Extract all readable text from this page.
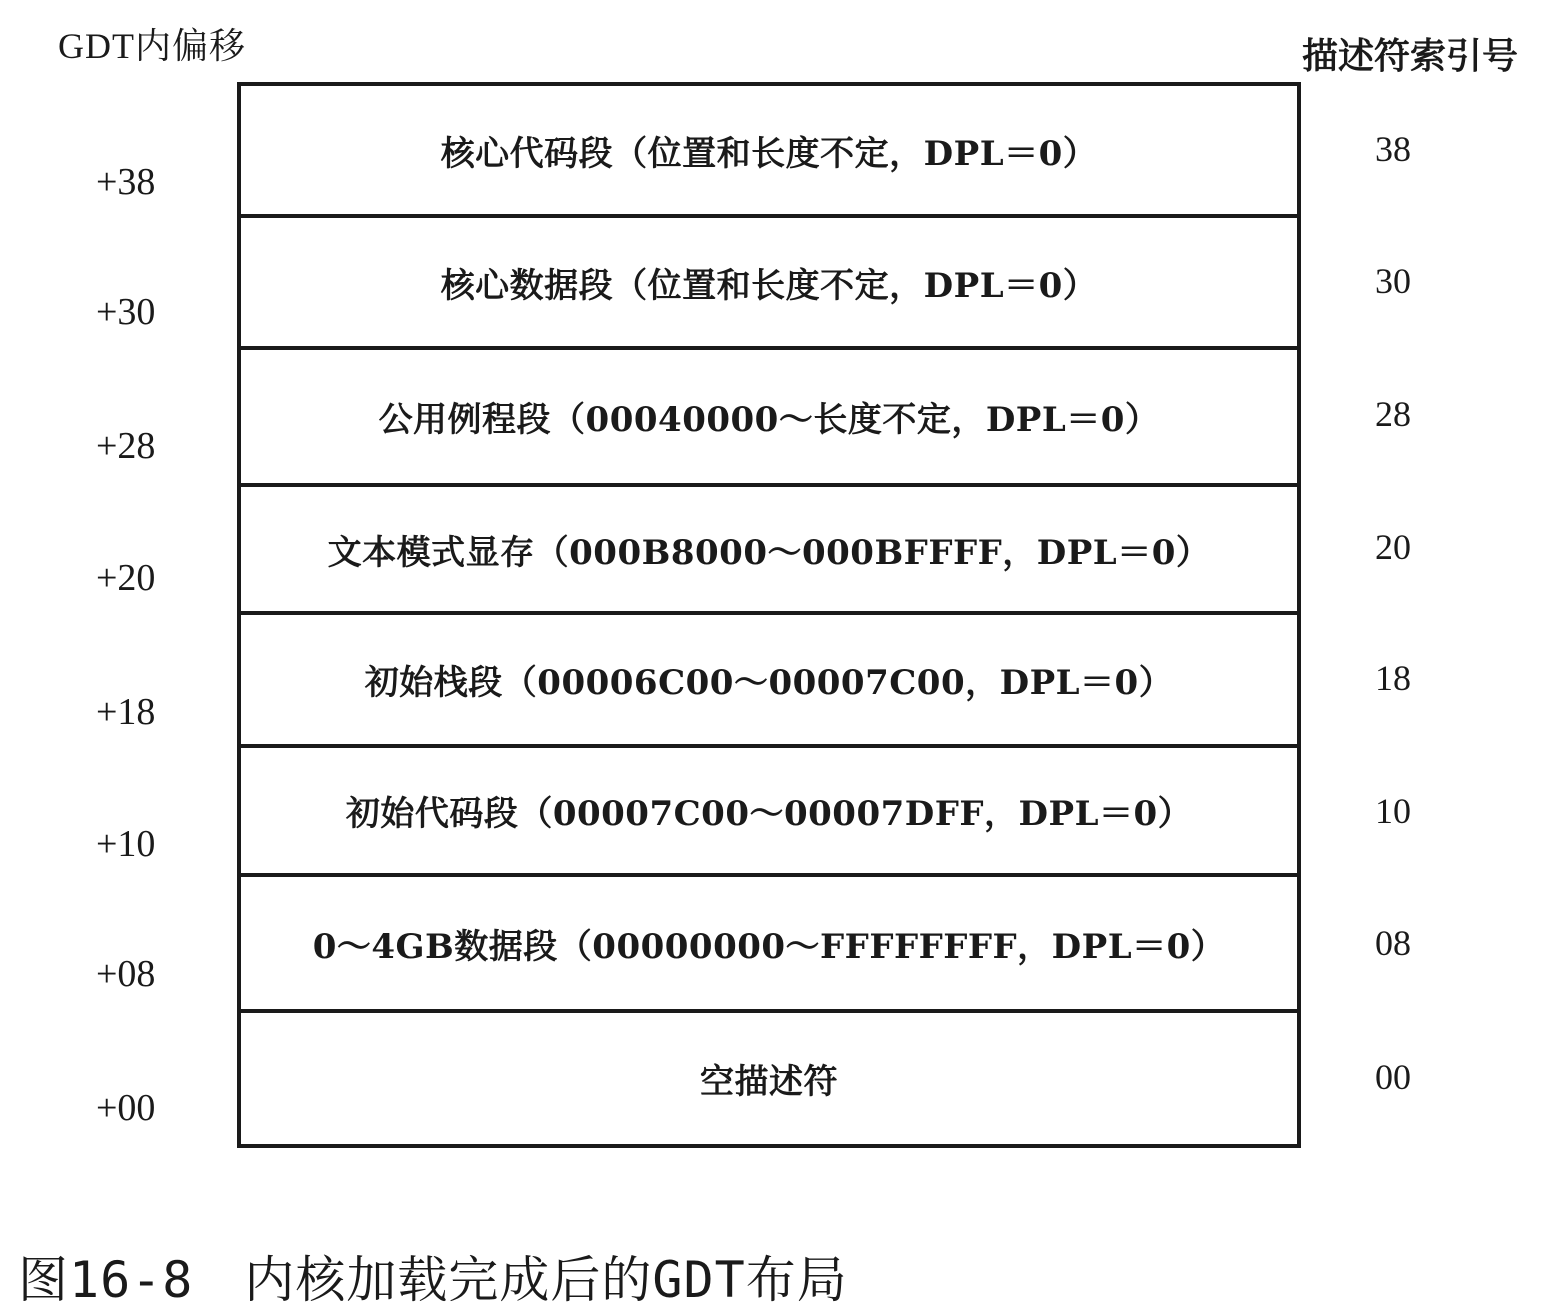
GDT内偏移	描述符索引号
核心代码段（位置和长度不定，DPL＝0）
核心数据段（位置和长度不定，DPL＝0）
公用例程段（00040000～长度不定，DPL＝0）
文本模式显存（000B8000～000BFFFF，DPL＝0）
初始栈段（00006C00～00007C00，DPL＝0）
初始代码段（00007C00～00007DFF，DPL＝0）
0～4GB数据段（00000000～FFFFFFFF，DPL＝0）
空描述符
+38
+30
+28
+20
+18
+10
+08
+00
38
30
28
20
18
10
08
00
图16-8　内核加载完成后的GDT布局
